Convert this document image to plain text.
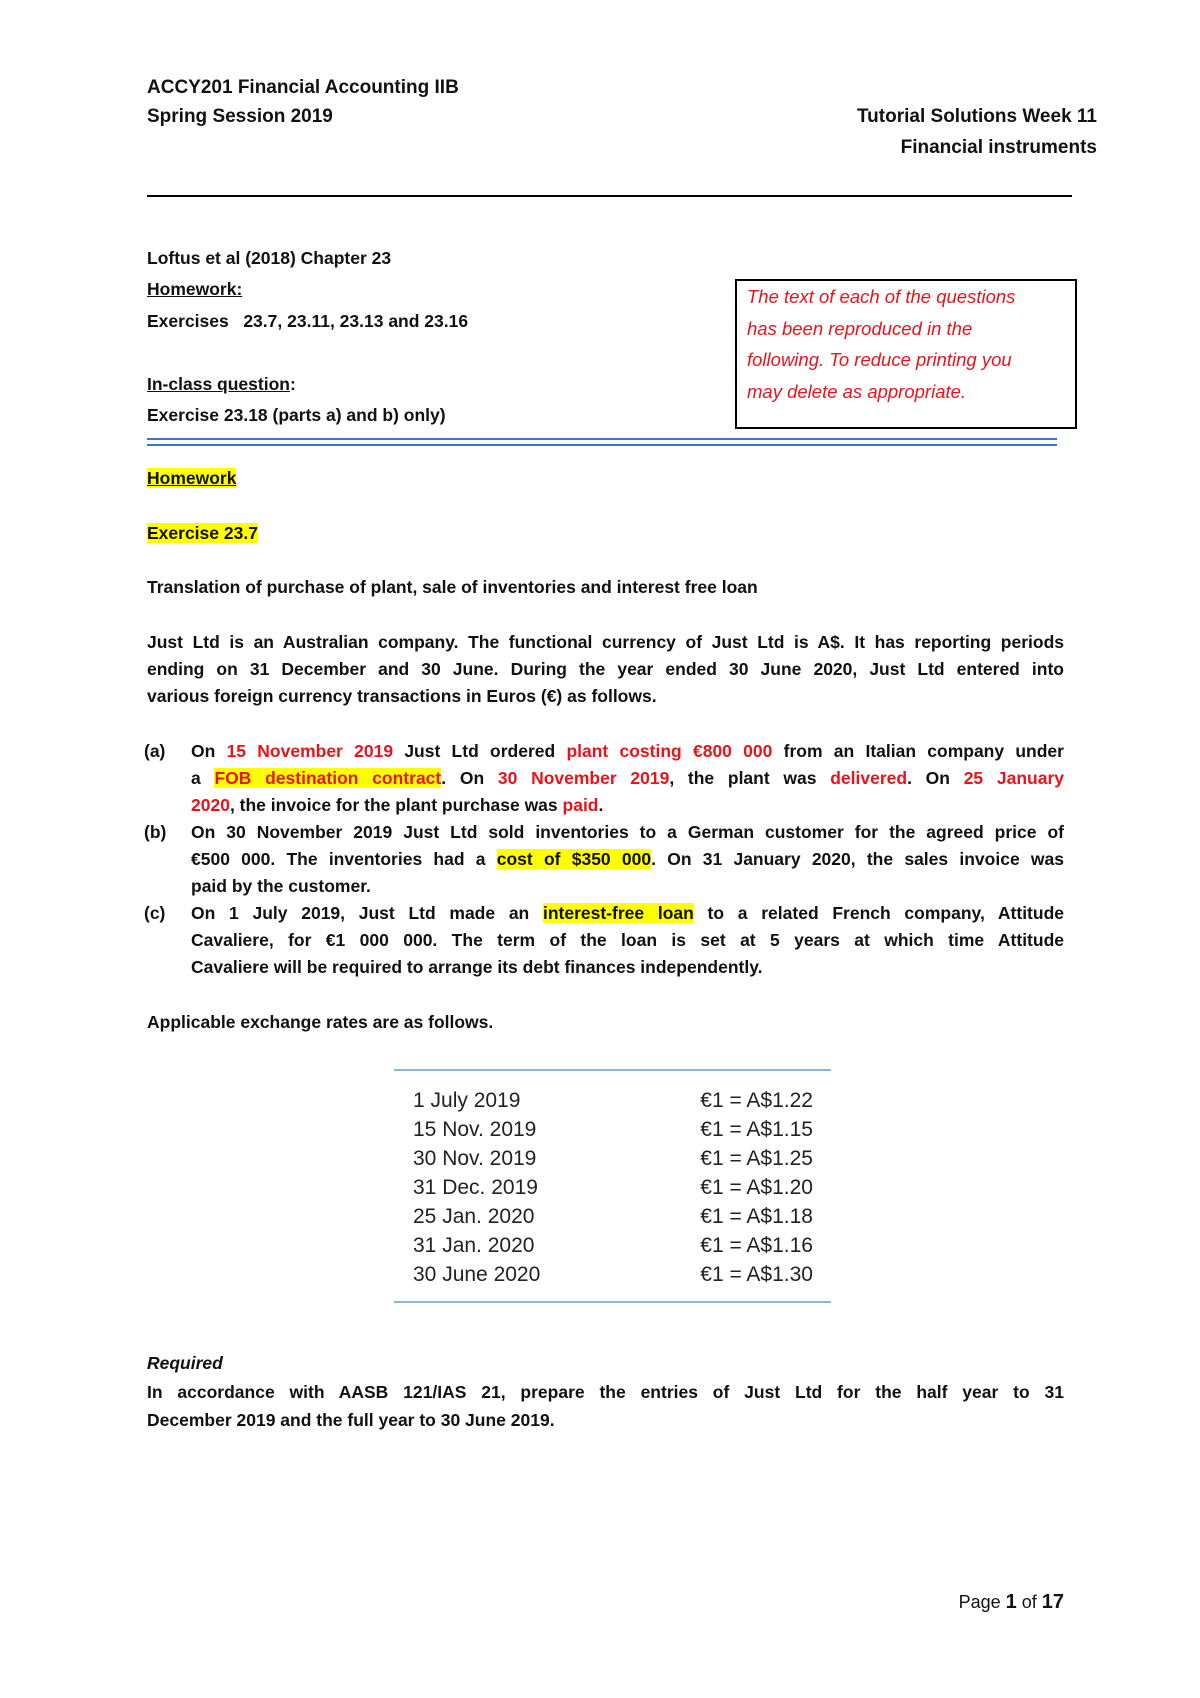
ACCY201 Financial Accounting IIB
Spring Session 2019	Tutorial Solutions Week 11
Financial instruments
Loftus et al (2018) Chapter 23
Homework:
Exercises   23.7, 23.11, 23.13 and 23.16
In-class question:
Exercise 23.18 (parts a) and b) only)

The text of each of the questions

has been reproduced in the

following. To reduce printing you

may delete as appropriate.

Homework
Exercise 23.7
Translation of purchase of plant, sale of inventories and interest free loan
Just Ltd is an Australian company. The functional currency of Just Ltd is A$. It has reporting periods
ending on 31 December and 30 June. During the year ended 30 June 2020, Just Ltd entered into
various foreign currency transactions in Euros (€) as follows.
(a)	On 15 November 2019 Just Ltd ordered plant costing €800 000 from an Italian company under
a FOB destination contract. On 30 November 2019, the plant was delivered. On 25 January
2020, the invoice for the plant purchase was paid.
(b)	On 30 November 2019 Just Ltd sold inventories to a German customer for the agreed price of
€500 000. The inventories had a cost of $350 000. On 31 January 2020, the sales invoice was
paid by the customer.
(c)	On 1 July 2019, Just Ltd made an interest-free loan to a related French company, Attitude
Cavaliere, for €1 000 000. The term of the loan is set at 5 years at which time Attitude
Cavaliere will be required to arrange its debt finances independently.
Applicable exchange rates are as follows.
1 July 2019	€1 = A$1.22
15 Nov. 2019	€1 = A$1.15
30 Nov. 2019	€1 = A$1.25
31 Dec. 2019	€1 = A$1.20
25 Jan. 2020	€1 = A$1.18
31 Jan. 2020	€1 = A$1.16
30 June 2020	€1 = A$1.30
Required
In accordance with AASB 121/IAS 21, prepare the entries of Just Ltd for the half year to 31
December 2019 and the full year to 30 June 2019.
Page 1 of 17
